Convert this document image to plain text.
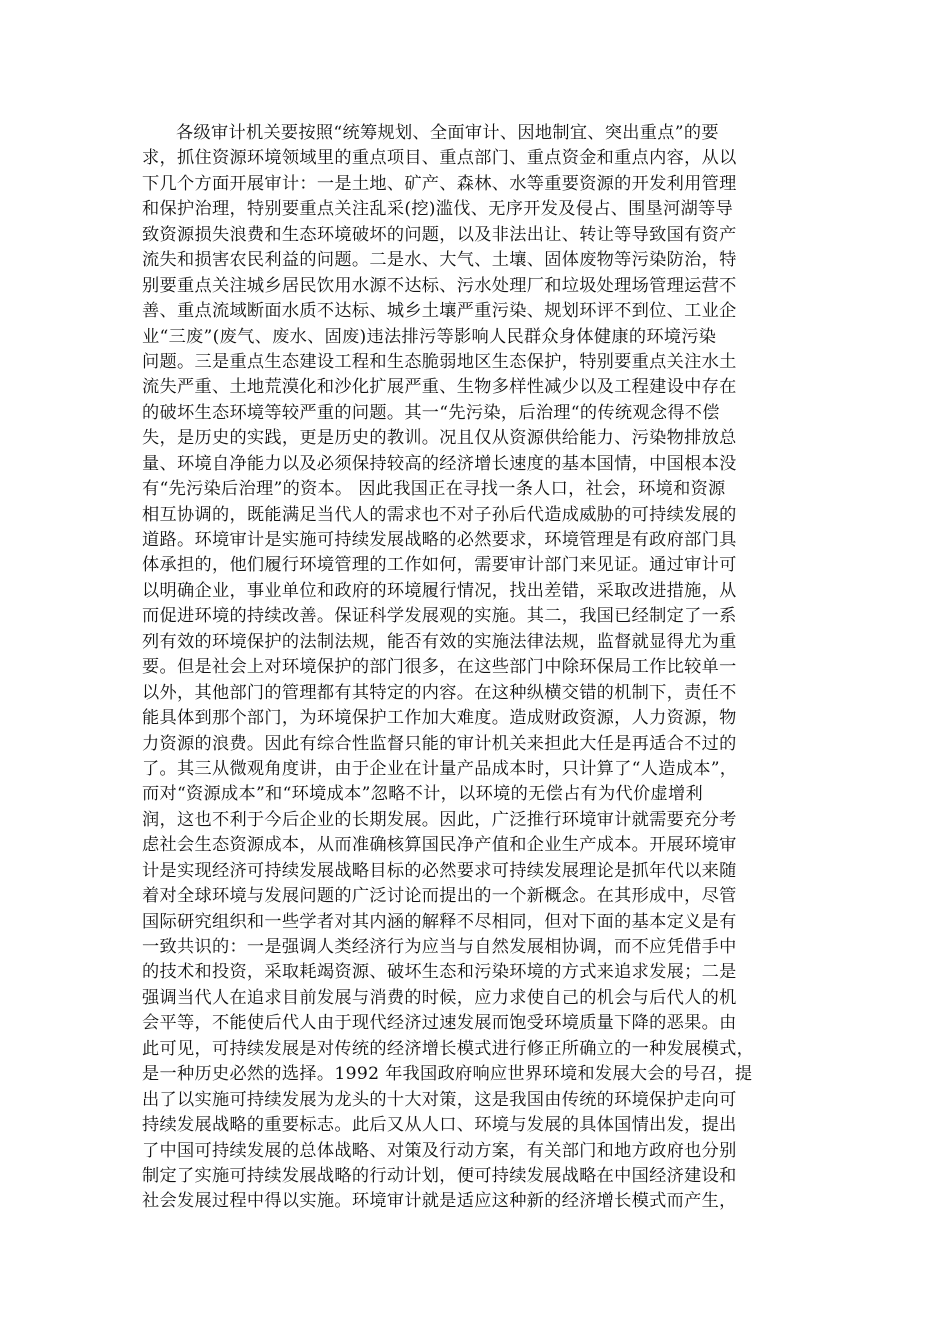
各级审计机关要按照“统筹规划、全面审计、因地制宜、突出重点”的要
求，抓住资源环境领域里的重点项目、重点部门、重点资金和重点内容，从以
下几个方面开展审计：一是土地、矿产、森林、水等重要资源的开发利用管理
和保护治理，特别要重点关注乱采(挖)滥伐、无序开发及侵占、围垦河湖等导
致资源损失浪费和生态环境破坏的问题，以及非法出让、转让等导致国有资产
流失和损害农民利益的问题。二是水、大气、土壤、固体废物等污染防治，特
别要重点关注城乡居民饮用水源不达标、污水处理厂和垃圾处理场管理运营不
善、重点流域断面水质不达标、城乡土壤严重污染、规划环评不到位、工业企
业“三废”(废气、废水、固废)违法排污等影响人民群众身体健康的环境污染
问题。三是重点生态建设工程和生态脆弱地区生态保护，特别要重点关注水土
流失严重、土地荒漠化和沙化扩展严重、生物多样性减少以及工程建设中存在
的破坏生态环境等较严重的问题。其一“先污染，后治理“的传统观念得不偿
失，是历史的实践，更是历史的教训。况且仅从资源供给能力、污染物排放总
量、环境自净能力以及必须保持较高的经济增长速度的基本国情，中国根本没
有“先污染后治理”的资本。 因此我国正在寻找一条人口，社会，环境和资源
相互协调的，既能满足当代人的需求也不对子孙后代造成威胁的可持续发展的
道路。环境审计是实施可持续发展战略的必然要求，环境管理是有政府部门具
体承担的，他们履行环境管理的工作如何，需要审计部门来见证。通过审计可
以明确企业，事业单位和政府的环境履行情况，找出差错，采取改进措施，从
而促进环境的持续改善。保证科学发展观的实施。其二，我国已经制定了一系
列有效的环境保护的法制法规，能否有效的实施法律法规，监督就显得尤为重
要。但是社会上对环境保护的部门很多，在这些部门中除环保局工作比较单一
以外，其他部门的管理都有其特定的内容。在这种纵横交错的机制下，责任不
能具体到那个部门，为环境保护工作加大难度。造成财政资源，人力资源，物
力资源的浪费。因此有综合性监督只能的审计机关来担此大任是再适合不过的
了。其三从微观角度讲，由于企业在计量产品成本时，只计算了“人造成本”，
而对“资源成本”和“环境成本”忽略不计，以环境的无偿占有为代价虚增利
润，这也不利于今后企业的长期发展。因此，广泛推行环境审计就需要充分考
虑社会生态资源成本，从而准确核算国民净产值和企业生产成本。开展环境审
计是实现经济可持续发展战略目标的必然要求可持续发展理论是抓年代以来随
着对全球环境与发展问题的广泛讨论而提出的一个新概念。在其形成中，尽管
国际研究组织和一些学者对其内涵的解释不尽相同，但对下面的基本定义是有
一致共识的：一是强调人类经济行为应当与自然发展相协调，而不应凭借手中
的技术和投资，采取耗竭资源、破坏生态和污染环境的方式来追求发展；二是
强调当代人在追求目前发展与消费的时候，应力求使自己的机会与后代人的机
会平等，不能使后代人由于现代经济过速发展而饱受环境质量下降的恶果。由
此可见，可持续发展是对传统的经济增长模式进行修正所确立的一种发展模式，
是一种历史必然的选择。1992 年我国政府响应世界环境和发展大会的号召，提
出了以实施可持续发展为龙头的十大对策，这是我国由传统的环境保护走向可
持续发展战略的重要标志。此后又从人口、环境与发展的具体国情出发，提出
了中国可持续发展的总体战略、对策及行动方案，有关部门和地方政府也分别
制定了实施可持续发展战略的行动计划，便可持续发展战略在中国经济建设和
社会发展过程中得以实施。环境审计就是适应这种新的经济增长模式而产生，
